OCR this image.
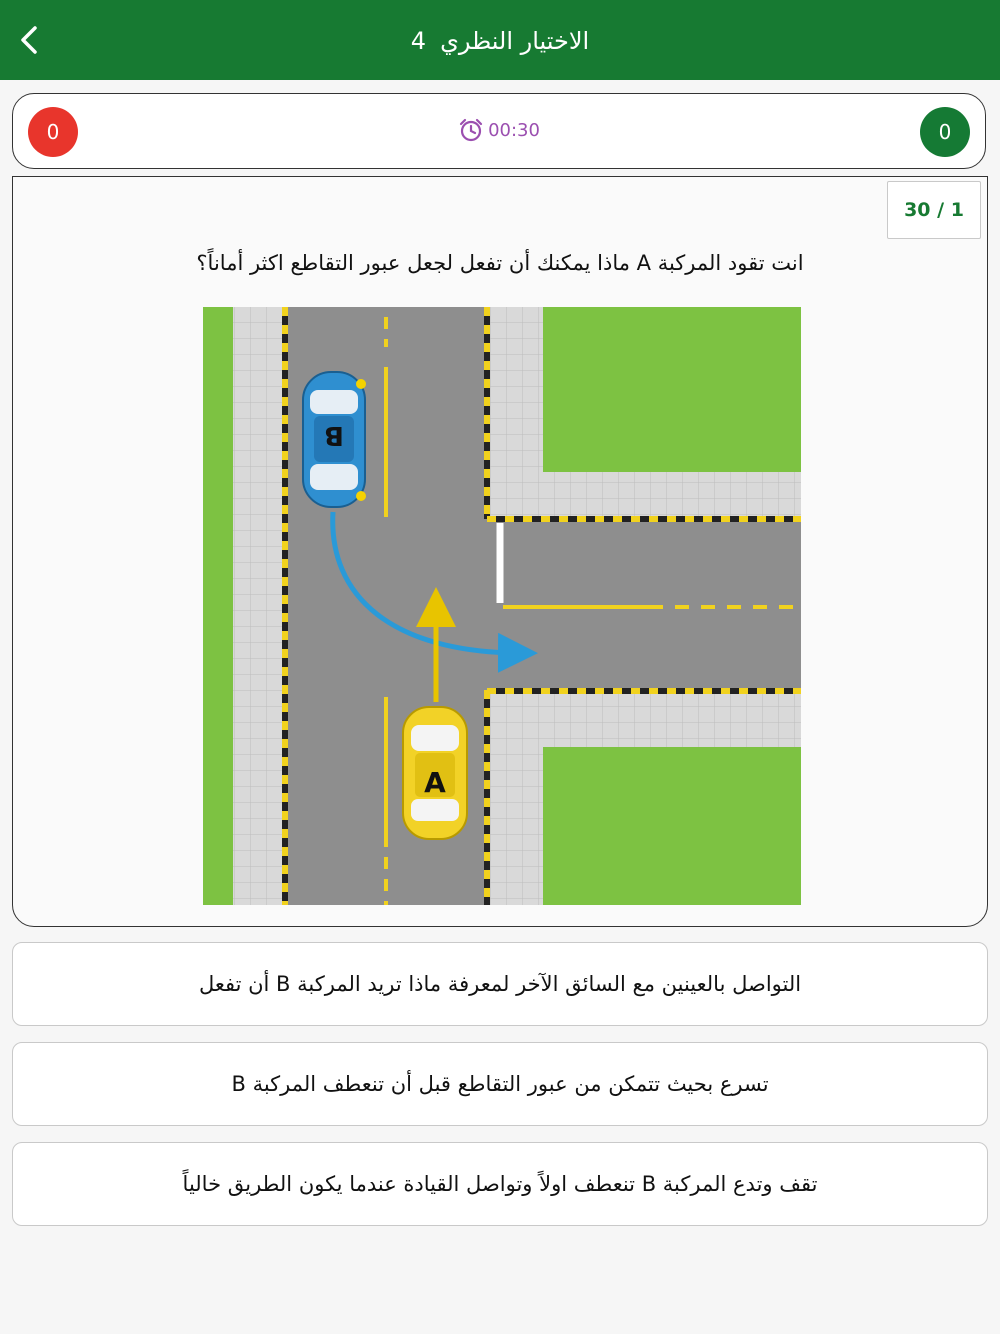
الاختيار النظري
4
0	00:30	0
30 / 1
انت تقود المركبة A ماذا يمكنك أن تفعل لجعل عبور التقاطع اكثر أماناً؟
B
A
التواصل بالعينين مع السائق الآخر لمعرفة ماذا تريد المركبة B أن تفعل
تسرع بحيث تتمكن من عبور التقاطع قبل أن تنعطف المركبة B
تقف وتدع المركبة B تنعطف اولاً وتواصل القيادة عندما يكون الطريق خالياً
